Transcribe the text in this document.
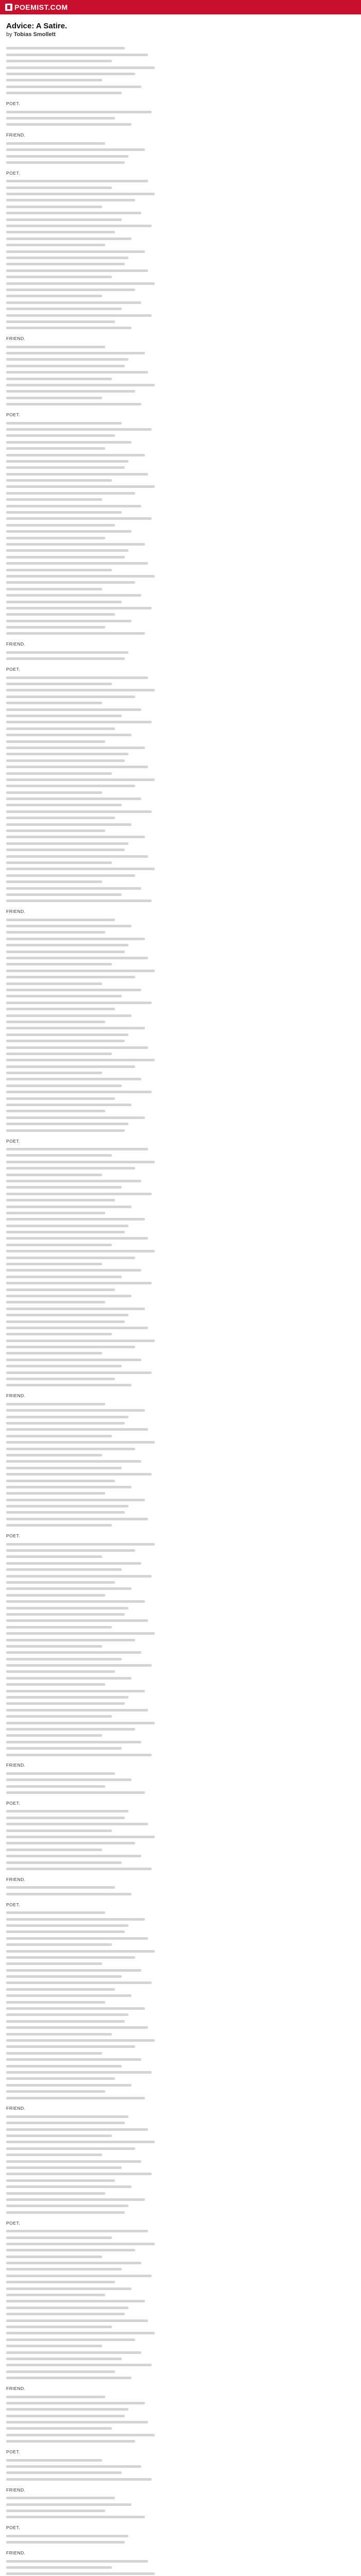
POEMIST.COM
Advice: A Satire.
by Tobias Smollett
POET.
FRIEND.
POET.
FRIEND.
POET.
FRIEND.
POET.
FRIEND.
POET.
FRIEND.
POET.
FRIEND.
POET.
FRIEND.
POET.
FRIEND.
POET.
FRIEND.
POET.
FRIEND.
POET.
FRIEND.
